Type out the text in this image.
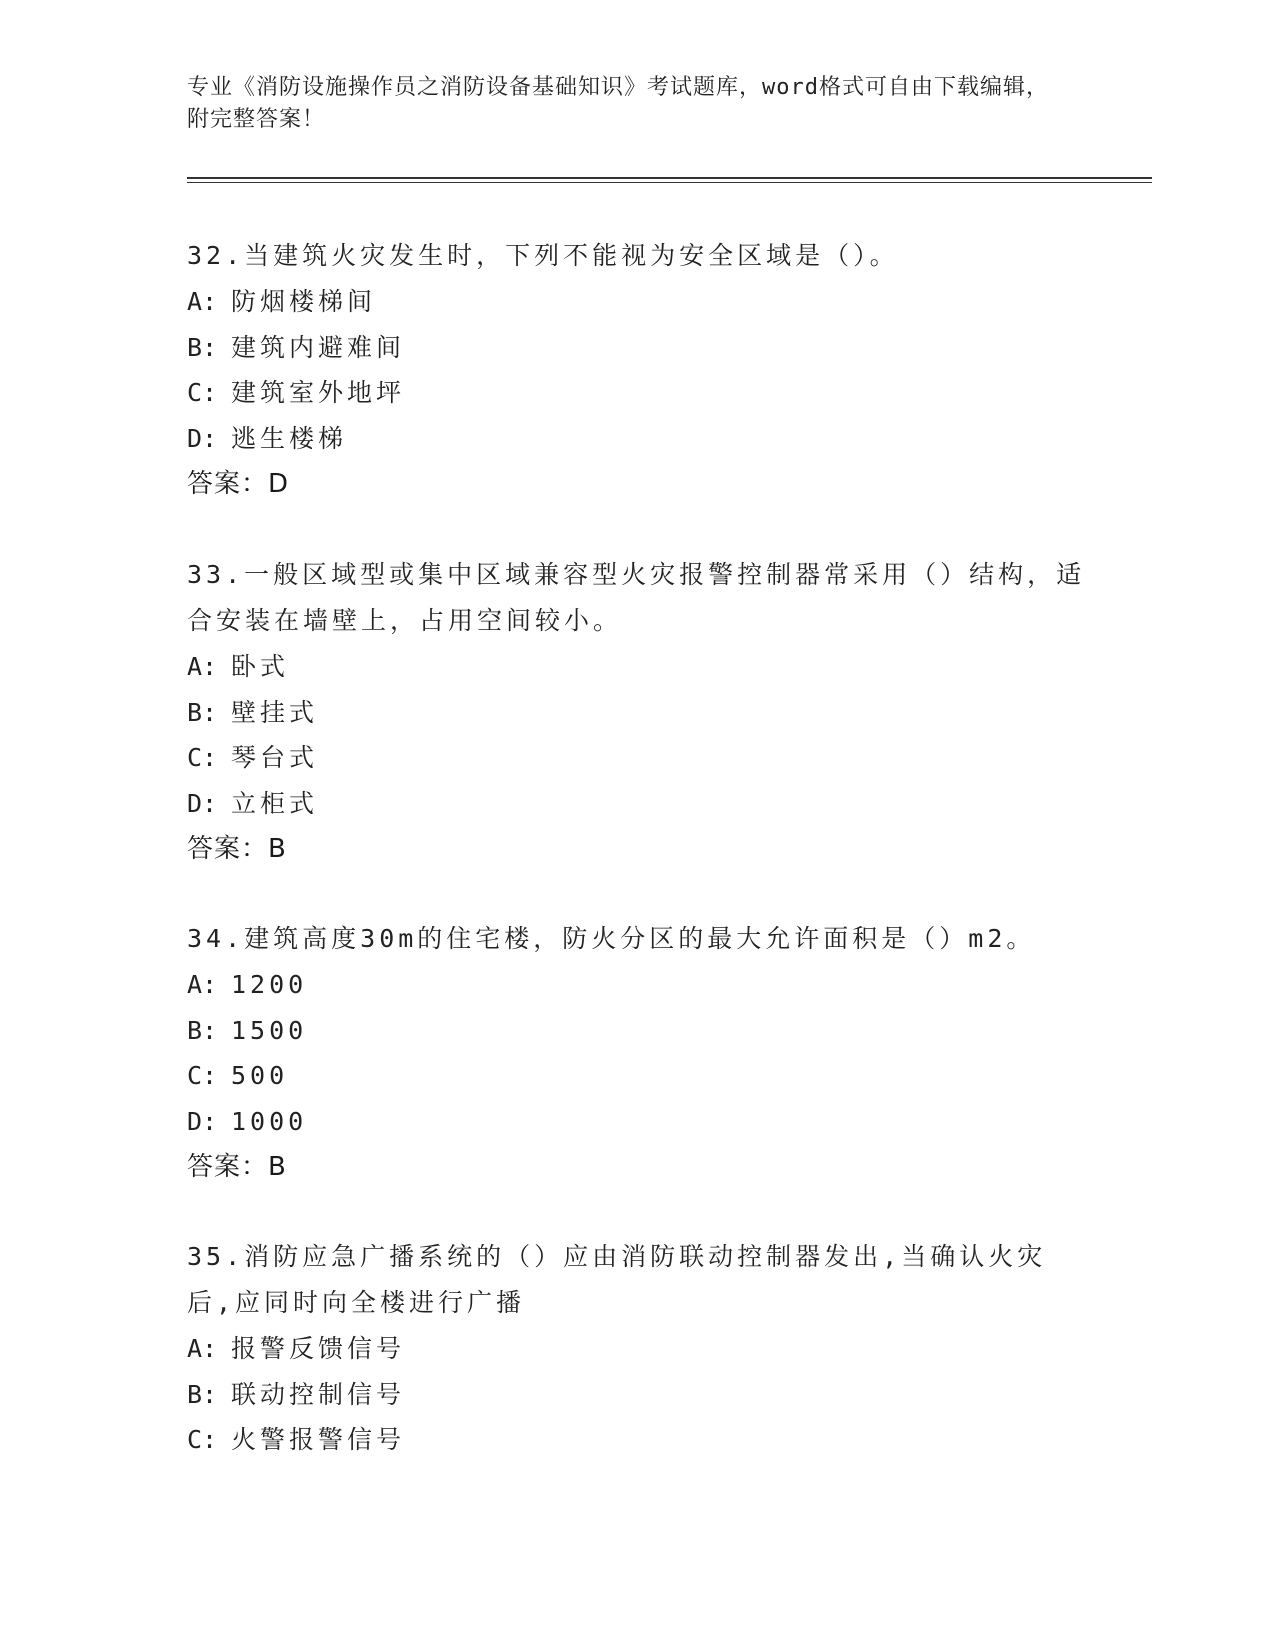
专业《消防设施操作员之消防设备基础知识》考试题库，word格式可自由下载编辑，附完整答案！
32.当建筑火灾发生时，下列不能视为安全区域是（）。
A: 防烟楼梯间
B: 建筑内避难间
C: 建筑室外地坪
D: 逃生楼梯
答案：D
33.一般区域型或集中区域兼容型火灾报警控制器常采用（）结构，适合安装在墙壁上，占用空间较小。
A: 卧式
B: 壁挂式
C: 琴台式
D: 立柜式
答案：B
34.建筑高度30m的住宅楼，防火分区的最大允许面积是（）m2。
A: 1200
B: 1500
C: 500
D: 1000
答案：B
35.消防应急广播系统的（）应由消防联动控制器发出,当确认火灾后,应同时向全楼进行广播
A: 报警反馈信号
B: 联动控制信号
C: 火警报警信号
